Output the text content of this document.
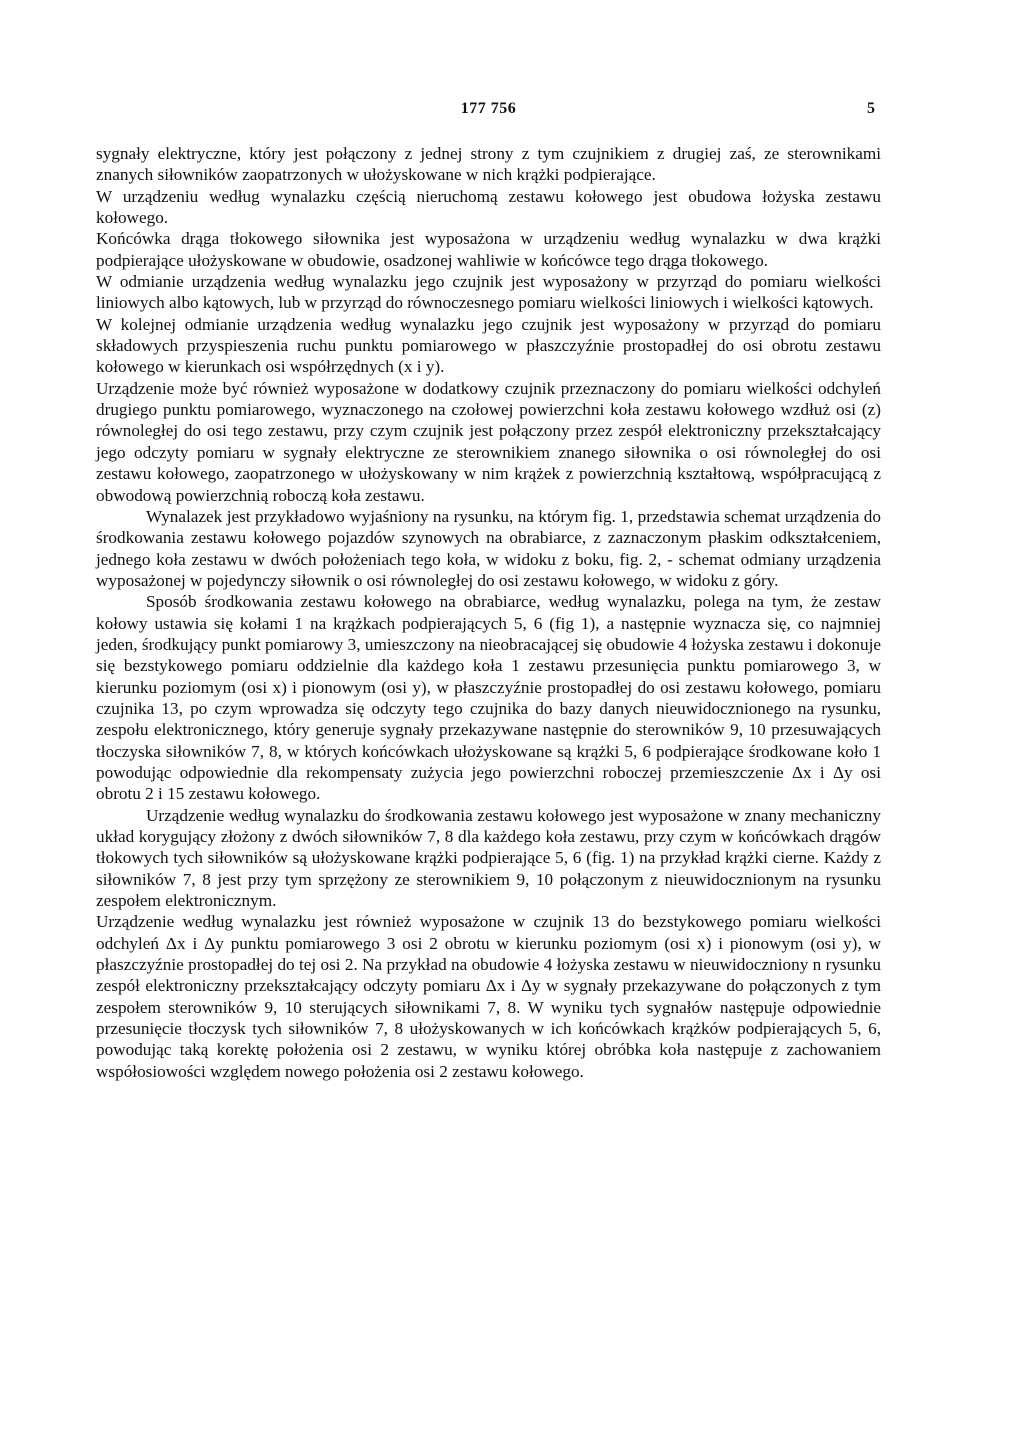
177 756	5

sygnały elektryczne, który jest połączony z jednej strony z tym czujnikiem z drugiej zaś, ze sterownikami znanych siłowników zaopatrzonych w ułożyskowane w nich krążki podpierające.

W urządzeniu według wynalazku częścią nieruchomą zestawu kołowego jest obudowa łożyska zestawu kołowego.

Końcówka drąga tłokowego siłownika jest wyposażona w urządzeniu według wynalazku w dwa krążki podpierające ułożyskowane w obudowie, osadzonej wahliwie w końcówce tego drąga tłokowego.

W odmianie urządzenia według wynalazku jego czujnik jest wyposażony w przyrząd do pomiaru wielkości liniowych albo kątowych, lub w przyrząd do równoczesnego pomiaru wielkości liniowych i wielkości kątowych.

W kolejnej odmianie urządzenia według wynalazku jego czujnik jest wyposażony w przyrząd do pomiaru składowych przyspieszenia ruchu punktu pomiarowego w płaszczyźnie prostopadłej do osi obrotu zestawu kołowego w kierunkach osi współrzędnych (x i y).

Urządzenie może być również wyposażone w dodatkowy czujnik przeznaczony do pomiaru wielkości odchyleń drugiego punktu pomiarowego, wyznaczonego na czołowej powierzchni koła zestawu kołowego wzdłuż osi (z) równoległej do osi tego zestawu, przy czym czujnik jest połączony przez zespół elektroniczny przekształcający jego odczyty pomiaru w sygnały elektryczne ze sterownikiem znanego siłownika o osi równoległej do osi zestawu kołowego, zaopatrzonego w ułożyskowany w nim krążek z powierzchnią kształtową, współpracującą z obwodową powierzchnią roboczą koła zestawu.

Wynalazek jest przykładowo wyjaśniony na rysunku, na którym fig. 1, przedstawia schemat urządzenia do środkowania zestawu kołowego pojazdów szynowych na obrabiarce, z zaznaczonym płaskim odkształceniem, jednego koła zestawu w dwóch położeniach tego koła, w widoku z boku, fig. 2, - schemat odmiany urządzenia wyposażonej w pojedynczy siłownik o osi równoległej do osi zestawu kołowego, w widoku z góry.

Sposób środkowania zestawu kołowego na obrabiarce, według wynalazku, polega na tym, że zestaw kołowy ustawia się kołami 1 na krążkach podpierających 5, 6 (fig 1), a następnie wyznacza się, co najmniej jeden, środkujący punkt pomiarowy 3, umieszczony na nieobracającej się obudowie 4 łożyska zestawu i dokonuje się bezstykowego pomiaru oddzielnie dla każdego koła 1 zestawu przesunięcia punktu pomiarowego 3, w kierunku poziomym (osi x) i pionowym (osi y), w płaszczyźnie prostopadłej do osi zestawu kołowego, pomiaru czujnika 13, po czym wprowadza się odczyty tego czujnika do bazy danych nieuwidocznionego na rysunku, zespołu elektronicznego, który generuje sygnały przekazywane następnie do sterowników 9, 10 przesuwających tłoczyska siłowników 7, 8, w których końcówkach ułożyskowane są krążki 5, 6 podpierające środkowane koło 1 powodując odpowiednie dla rekompensaty zużycia jego powierzchni roboczej przemieszczenie Δx i Δy osi obrotu 2 i 15 zestawu kołowego.

Urządzenie według wynalazku do środkowania zestawu kołowego jest wyposażone w znany mechaniczny układ korygujący złożony z dwóch siłowników 7, 8 dla każdego koła zestawu, przy czym w końcówkach drągów tłokowych tych siłowników są ułożyskowane krążki podpierające 5, 6 (fig. 1) na przykład krążki cierne. Każdy z siłowników 7, 8 jest przy tym sprzężony ze sterownikiem 9, 10 połączonym z nieuwidocznionym na rysunku zespołem elektronicznym.

Urządzenie według wynalazku jest również wyposażone w czujnik 13 do bezstykowego pomiaru wielkości odchyleń Δx i Δy punktu pomiarowego 3 osi 2 obrotu w kierunku poziomym (osi x) i pionowym (osi y), w płaszczyźnie prostopadłej do tej osi 2. Na przykład na obudowie 4 łożyska zestawu w nieuwidoczniony n rysunku zespół elektroniczny przekształcający odczyty pomiaru Δx i Δy w sygnały przekazywane do połączonych z tym zespołem sterowników 9, 10 sterujących siłownikami 7, 8. W wyniku tych sygnałów następuje odpowiednie przesunięcie tłoczysk tych siłowników 7, 8 ułożyskowanych w ich końcówkach krążków podpierających 5, 6, powodując taką korektę położenia osi 2 zestawu, w wyniku której obróbka koła następuje z zachowaniem współosiowości względem nowego położenia osi 2 zestawu kołowego.
